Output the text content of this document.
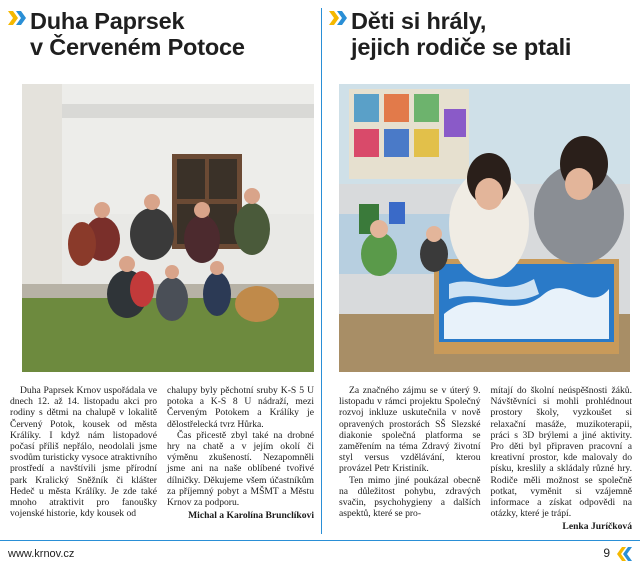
Duha Paprsek
v Červeném Potoce

Duha Paprsek Krnov uspořádala ve dnech 12. až 14. listopadu akci pro rodiny s dětmi na chalupě v lokalitě Červený Potok, kousek od města Králíky. I když nám listopadové počasí příliš nepřálo, neodolali jsme svodům turisticky vysoce atraktivního prostředí a navštívili jsme přírodní park Kralický Sněžník či klášter Hedeč u města Králíky. Je zde také mnoho atraktivit pro fanoušky vojenské historie, kdy kousek od

chalupy byly pěchotní sruby K-S 5 U potoka a K-S 8 U nádraží, mezi Červeným Potokem a Králíky je dělostřelecká tvrz Hůrka.

Čas přicestě zbyl také na drobné hry na chatě a v jejím okolí či výměnu zkušeností. Nezapomněli jsme ani na naše oblíbené tvořivé dílničky. Děkujeme všem účastníkům za příjemný pobyt a MŠMT a Městu Krnov za podporu.

Michal a Karolína Brunclíkovi
Děti si hrály,
jejich rodiče se ptali

Za značného zájmu se v úterý 9. listopadu v rámci projektu Společný rozvoj inkluze uskutečnila v nově opravených prostorách SŠ Slezské diakonie společná platforma se zaměřením na téma Zdravý životní styl versus vzdělávání, kterou provázel Petr Kristiník.

Ten mimo jiné poukázal obecně na důležitost pohybu, zdravých svačin, psychohygieny a dalších aspektů, které se pro-

mítají do školní neúspěšnosti žáků. Návštěvníci si mohli prohlédnout prostory školy, vyzkoušet si relaxační masáže, muzikoterapii, práci s 3D brýlemi a jiné aktivity. Pro děti byl připraven pracovní a kreativní prostor, kde malovaly do písku, kreslily a skládaly různé hry. Rodiče měli možnost se společně potkat, vyměnit si vzájemně informace a získat odpovědi na otázky, které je trápí.

Lenka Juríčková
www.krnov.cz	9
